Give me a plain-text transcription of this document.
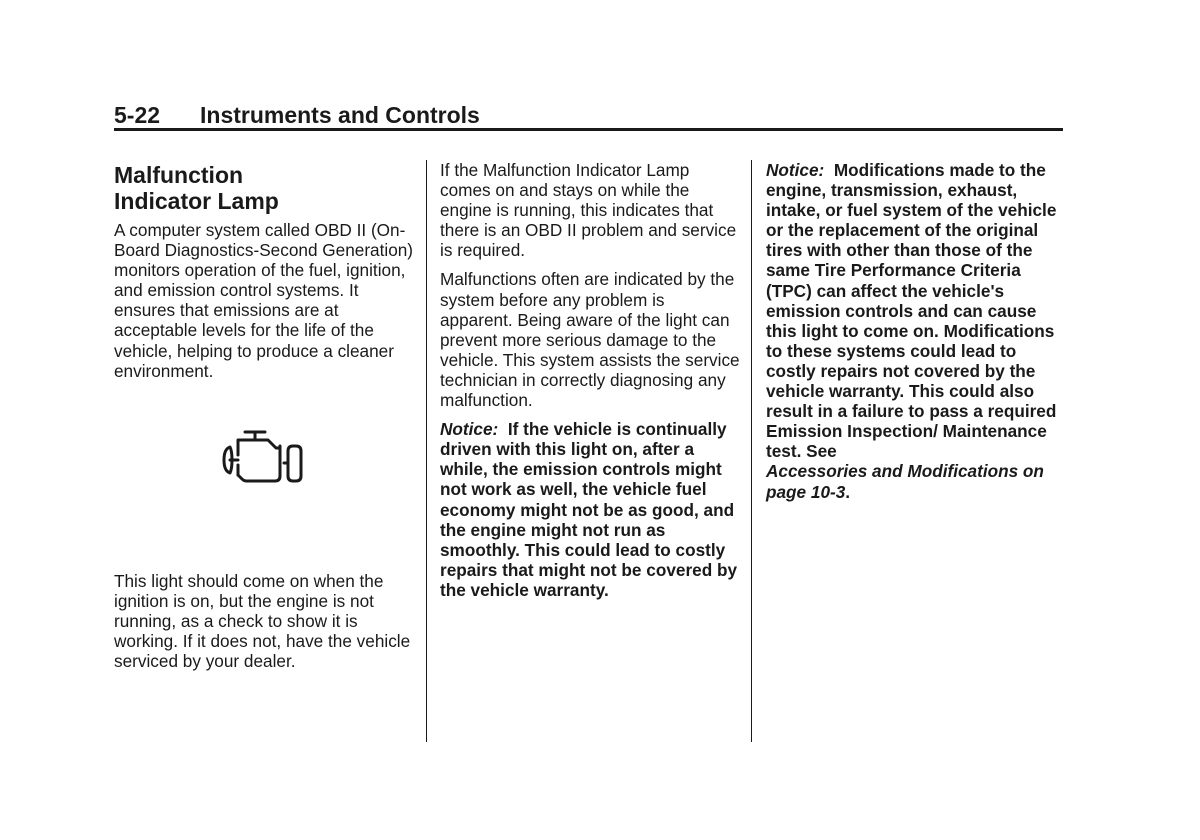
5-22 Instruments and Controls
Malfunction
Indicator Lamp

A computer system called OBD II (On-Board Diagnostics-Second Generation) monitors operation of the fuel, ignition, and emission control systems. It ensures that emissions are at acceptable levels for the life of the vehicle, helping to produce a cleaner environment.

This light should come on when the ignition is on, but the engine is not running, as a check to show it is working. If it does not, have the vehicle serviced by your dealer.

If the Malfunction Indicator Lamp comes on and stays on while the engine is running, this indicates that there is an OBD II problem and service is required.

Malfunctions often are indicated by the system before any problem is apparent. Being aware of the light can prevent more serious damage to the vehicle. This system assists the service technician in correctly diagnosing any malfunction.

Notice: If the vehicle is continually driven with this light on, after a while, the emission controls might not work as well, the vehicle fuel economy might not be as good, and the engine might not run as smoothly. This could lead to costly repairs that might not be covered by the vehicle warranty.

Notice: Modifications made to the engine, transmission, exhaust, intake, or fuel system of the vehicle or the replacement of the original tires with other than those of the same Tire Performance Criteria (TPC) can affect the vehicle's emission controls and can cause this light to come on. Modifications to these systems could lead to costly repairs not covered by the vehicle warranty. This could also result in a failure to pass a required Emission Inspection/ Maintenance test. See
Accessories and Modifications on page 10-3.
